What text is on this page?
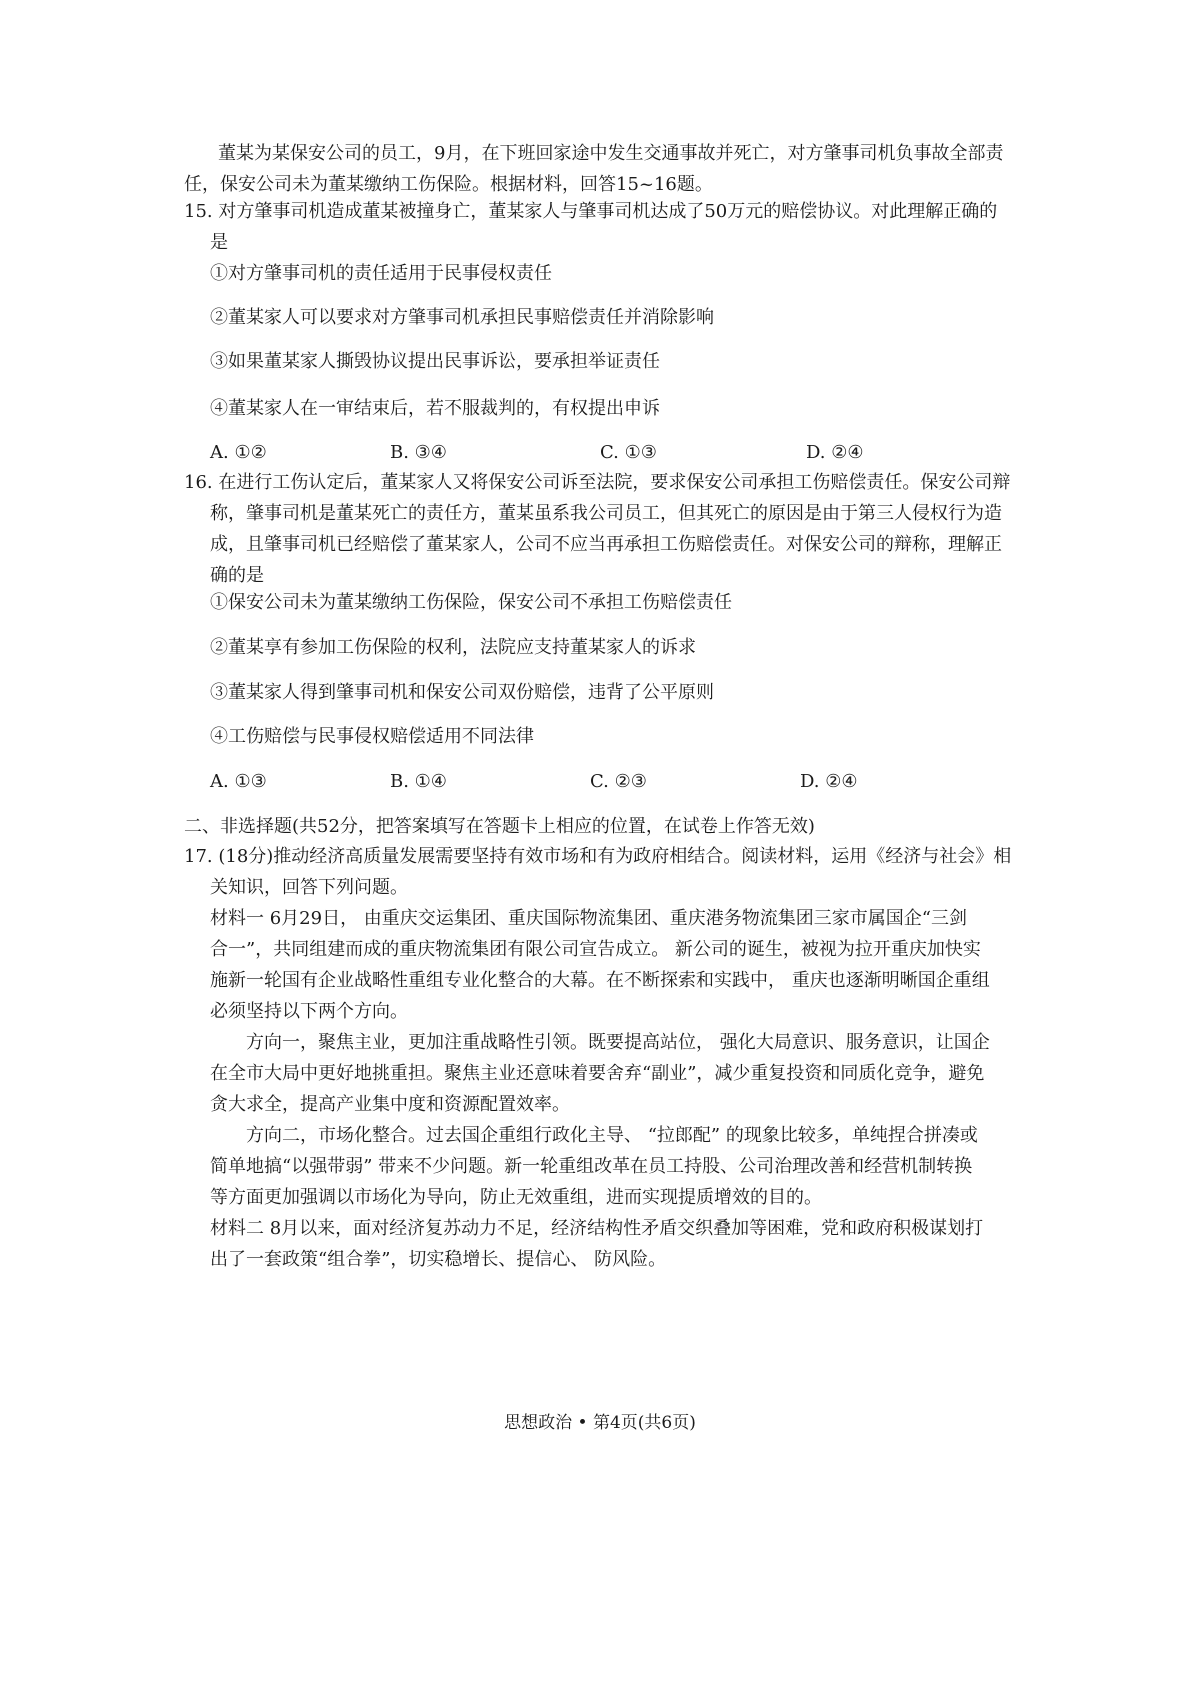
董某为某保安公司的员工，9月，在下班回家途中发生交通事故并死亡，对方肇事司机负事故全部责

任，保安公司未为董某缴纳工伤保险。根据材料，回答15~16题。

15. 对方肇事司机造成董某被撞身亡，董某家人与肇事司机达成了50万元的赔偿协议。对此理解正确的

是

①对方肇事司机的责任适用于民事侵权责任

②董某家人可以要求对方肇事司机承担民事赔偿责任并消除影响

③如果董某家人撕毁协议提出民事诉讼，要承担举证责任

④董某家人在一审结束后，若不服裁判的，有权提出申诉

A. ①②	B. ③④	C. ①③	D. ②④

16. 在进行工伤认定后，董某家人又将保安公司诉至法院，要求保安公司承担工伤赔偿责任。保安公司辩

称，肇事司机是董某死亡的责任方，董某虽系我公司员工，但其死亡的原因是由于第三人侵权行为造

成，且肇事司机已经赔偿了董某家人，公司不应当再承担工伤赔偿责任。对保安公司的辩称，理解正

确的是

①保安公司未为董某缴纳工伤保险，保安公司不承担工伤赔偿责任

②董某享有参加工伤保险的权利，法院应支持董某家人的诉求

③董某家人得到肇事司机和保安公司双份赔偿，违背了公平原则

④工伤赔偿与民事侵权赔偿适用不同法律

A. ①③	B. ①④	C. ②③	D. ②④

二、非选择题(共52分，把答案填写在答题卡上相应的位置，在试卷上作答无效)

17. (18分)推动经济高质量发展需要坚持有效市场和有为政府相结合。阅读材料，运用《经济与社会》相

关知识，回答下列问题。

材料一 6月29日， 由重庆交运集团、重庆国际物流集团、重庆港务物流集团三家市属国企“三剑

合一”，共同组建而成的重庆物流集团有限公司宣告成立。 新公司的诞生，被视为拉开重庆加快实

施新一轮国有企业战略性重组专业化整合的大幕。在不断探索和实践中， 重庆也逐渐明晰国企重组

必须坚持以下两个方向。

方向一，聚焦主业，更加注重战略性引领。既要提高站位， 强化大局意识、服务意识，让国企

在全市大局中更好地挑重担。聚焦主业还意味着要舍弃“副业”，减少重复投资和同质化竞争，避免

贪大求全，提高产业集中度和资源配置效率。

方向二，市场化整合。过去国企重组行政化主导、 “拉郎配” 的现象比较多，单纯捏合拼凑或

简单地搞“以强带弱” 带来不少问题。新一轮重组改革在员工持股、公司治理改善和经营机制转换

等方面更加强调以市场化为导向，防止无效重组，进而实现提质增效的目的。

材料二 8月以来，面对经济复苏动力不足，经济结构性矛盾交织叠加等困难，党和政府积极谋划打

出了一套政策“组合拳”，切实稳增长、提信心、 防风险。

思想政治 • 第4页(共6页)
